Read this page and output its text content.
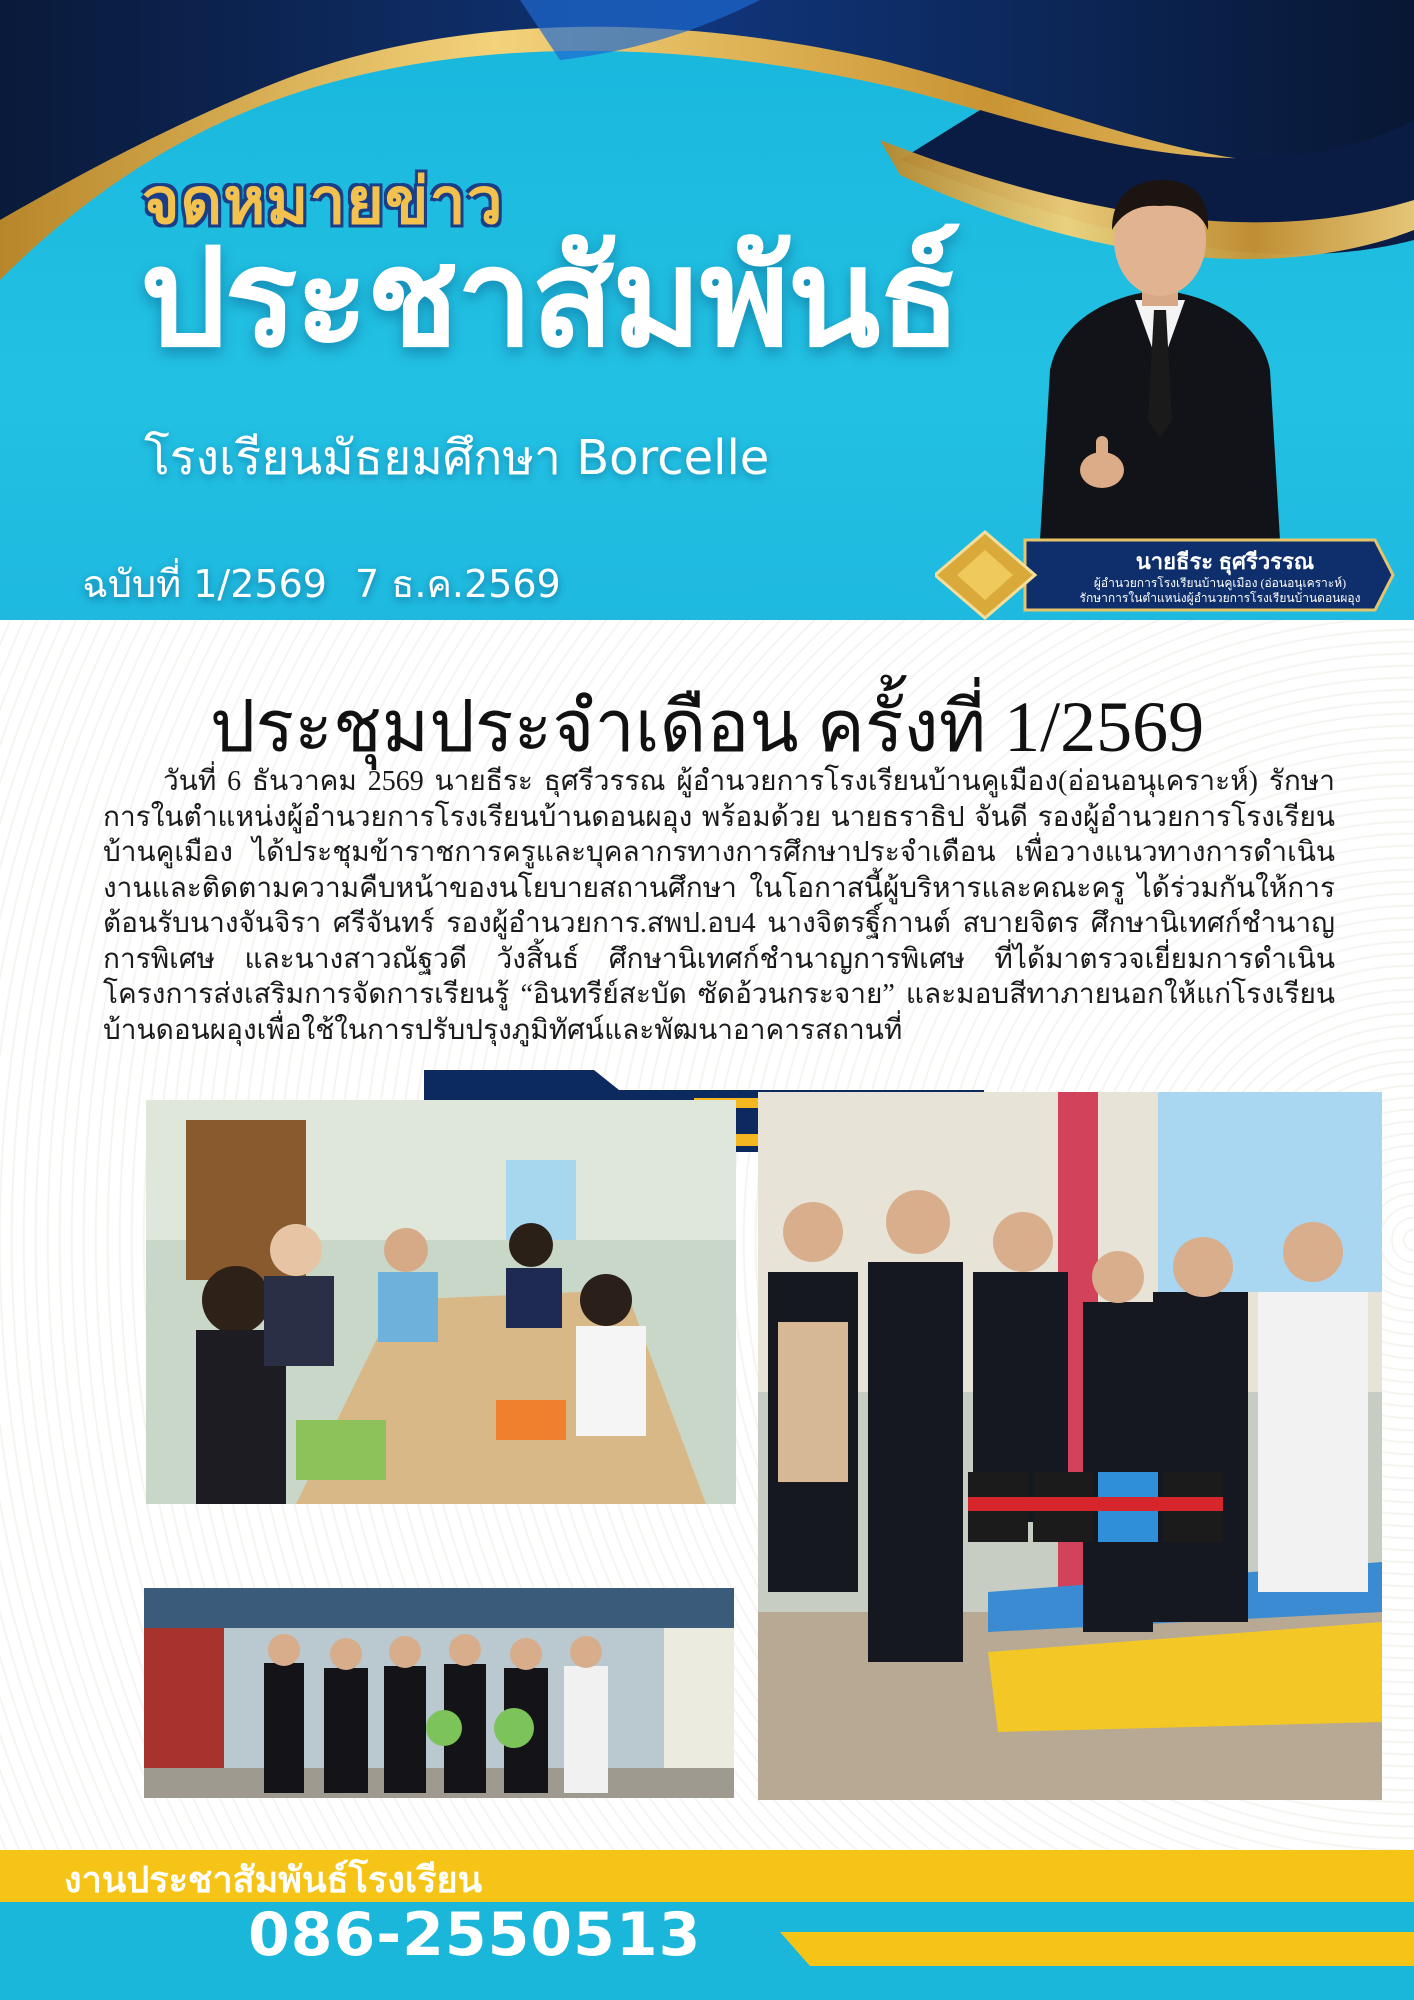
จดหมายข่าว
ประชาสัมพันธ์
โรงเรียนมัธยมศึกษา Borcelle
ฉบับที่ 1/2569 7 ธ.ค.2569
นายธีระ ธุศรีวรรณ
ผู้อำนวยการโรงเรียนบ้านคูเมือง (อ่อนอนุเคราะห์)
รักษาการในตำแหน่งผู้อำนวยการโรงเรียนบ้านดอนผอุง
ประชุมประจำเดือน ครั้งที่ 1/2569
วันที่ 6 ธันวาคม 2569 นายธีระ ธุศรีวรรณ ผู้อำนวยการโรงเรียนบ้านคูเมือง(อ่อนอนุเคราะห์) รักษาการในตำแหน่งผู้อำนวยการโรงเรียนบ้านดอนผอุง พร้อมด้วย นายธราธิป จันดี รองผู้อำนวยการโรงเรียนบ้านคูเมือง ได้ประชุมข้าราชการครูและบุคลากรทางการศึกษาประจำเดือน เพื่อวางแนวทางการดำเนินงานและติดตามความคืบหน้าของนโยบายสถานศึกษา ในโอกาสนี้ผู้บริหารและคณะครู ได้ร่วมกันให้การต้อนรับนางจันจิรา ศรีจันทร์ รองผู้อำนวยการ.สพป.อบ4 นางจิตรฐิ์กานต์ สบายจิตร ศึกษานิเทศก์ชำนาญการพิเศษ และนางสาวณัฐวดี วังสิ้นธ์ ศึกษานิเทศก์ชำนาญการพิเศษ ที่ได้มาตรวจเยี่ยมการดำเนินโครงการส่งเสริมการจัดการเรียนรู้ “อินทรีย์สะบัด ซัดอ้วนกระจาย” และมอบสีทาภายนอกให้แก่โรงเรียนบ้านดอนผอุงเพื่อใช้ในการปรับปรุงภูมิทัศน์และพัฒนาอาคารสถานที่
งานประชาสัมพันธ์โรงเรียน
086-2550513
